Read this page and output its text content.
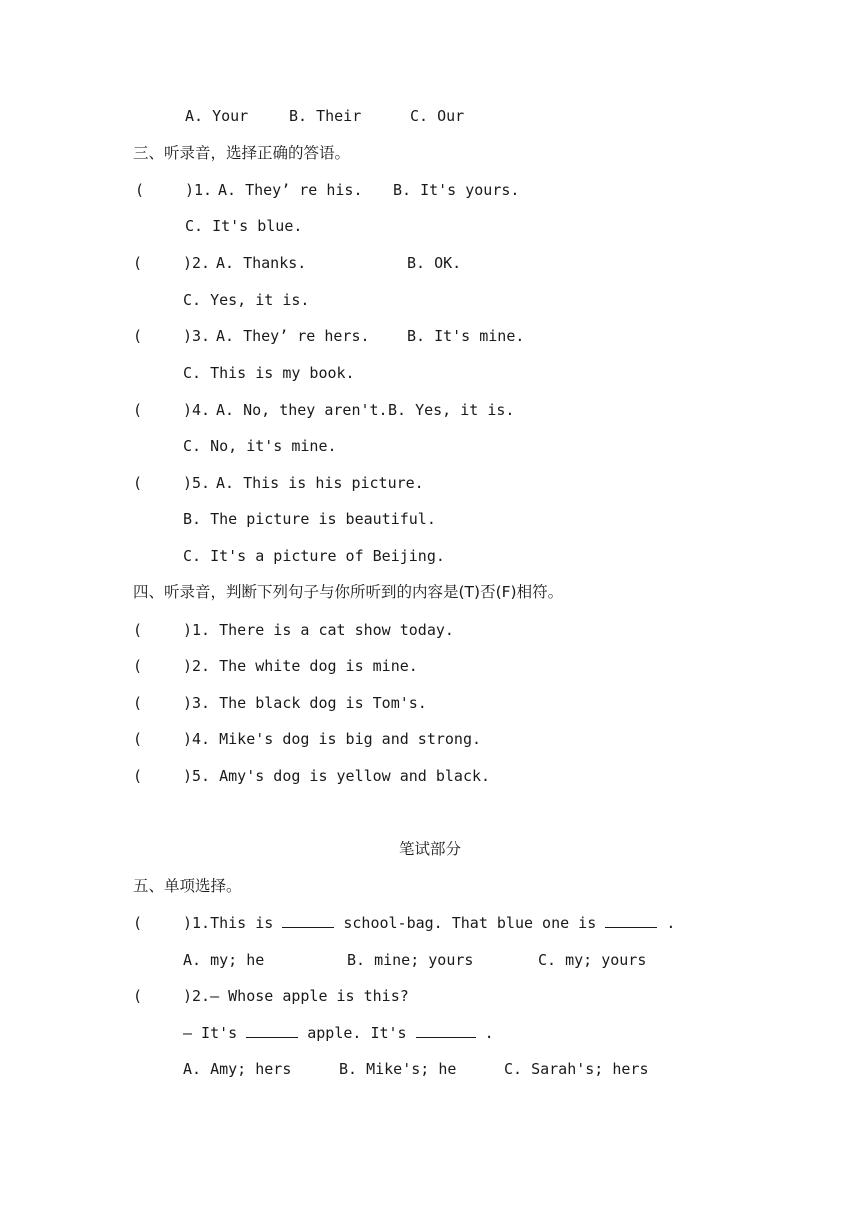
A. Your	B. Their	C. Our
三、听录音，选择正确的答语。
(	)1. A. They’ re his. B. It's yours.
C. It's blue.
(	)2. A. Thanks.	B. OK.
C. Yes, it is.
(	)3. A. They’ re hers. B. It's mine.
C. This is my book.
(	)4. A. No, they aren't. B. Yes, it is.
C. No, it's mine.
(	)5. A. This is his picture.
B. The picture is beautiful.
C. It's a picture of Beijing.
四、听录音，判断下列句子与你所听到的内容是(T)否(F)相符。
(	)1. There is a cat show today.
(	)2. The white dog is mine.
(	)3. The black dog is Tom's.
(	)4. Mike's dog is big and strong.
(	)5. Amy's dog is yellow and black.
笔试部分
五、单项选择。
(	)1.This is	school-bag. That blue one is	.
A. my; he	B. mine; yours	C. my; yours
(	)2.— Whose apple is this?
— It's	apple. It's	.
A. Amy; hers	B. Mike's; he	C. Sarah's; hers
